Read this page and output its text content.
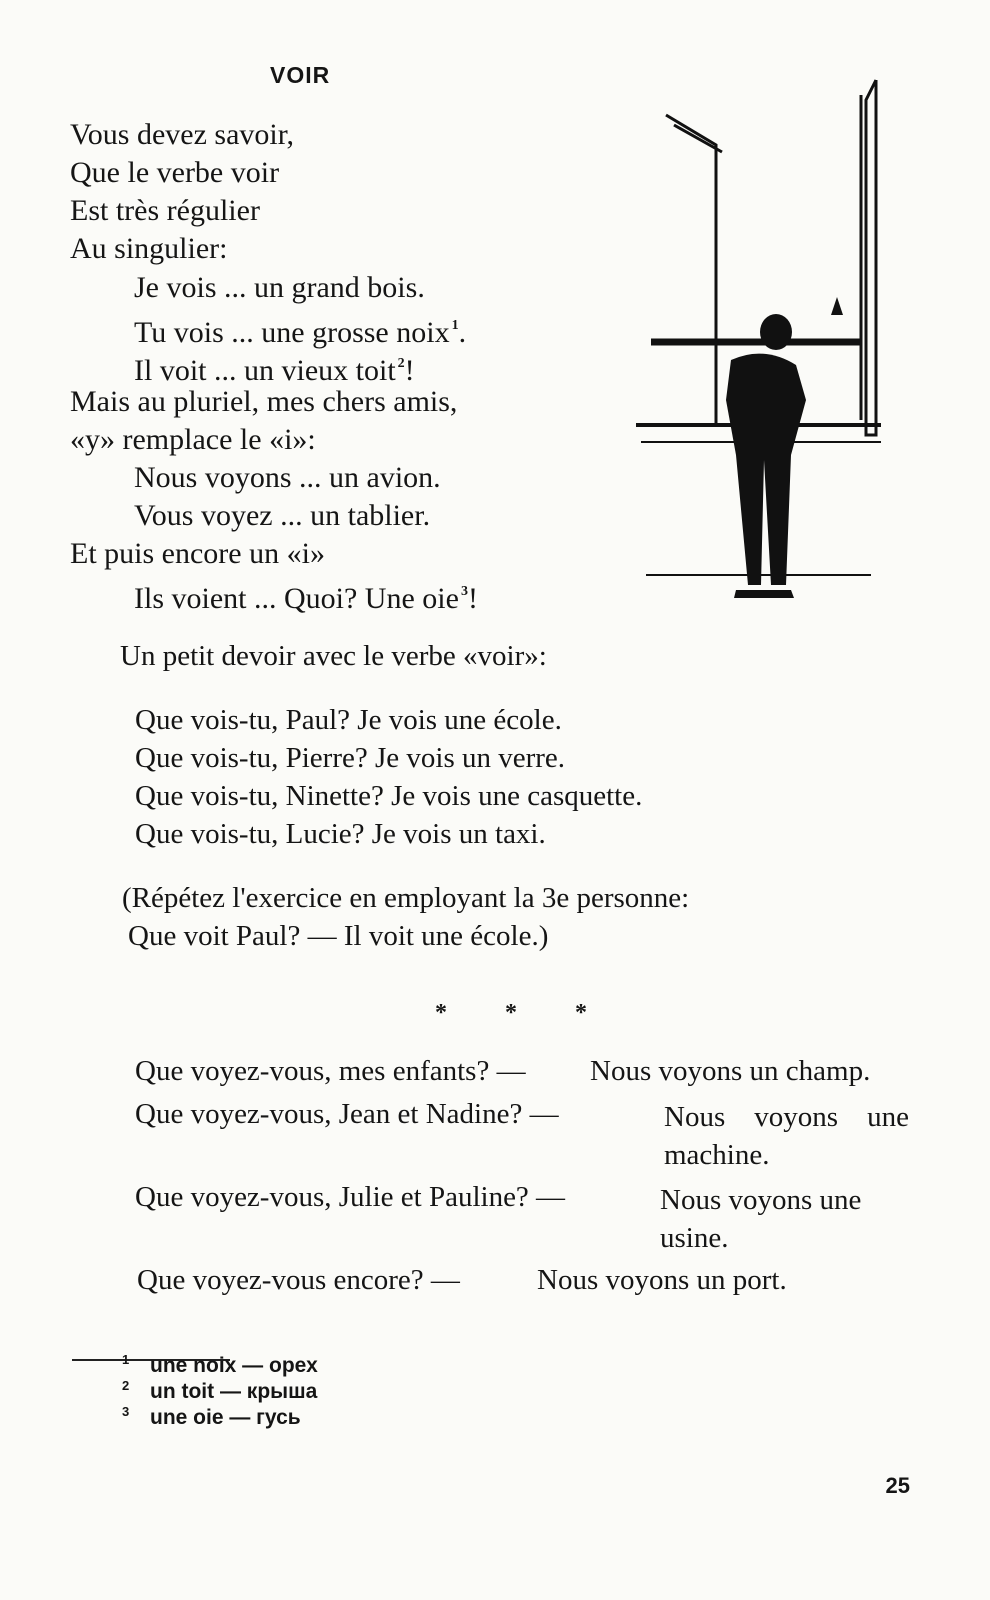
VOIR
Vous devez savoir,
Que le verbe voir
Est très régulier
Au singulier:
Je vois ... un grand bois.
Tu vois ... une grosse noix $^1$.
Il voit ... un vieux toit $^2$!
Mais au pluriel, mes chers amis,
«y» remplace le «i»:
Nous voyons ... un avion.
Vous voyez ... un tablier.
Et puis encore un «i»
Ils voient ... Quoi? Une oie $^3$!
Un petit devoir avec le verbe «voir»:
Que vois-tu, Paul? Je vois une école.
Que vois-tu, Pierre? Je vois un verre.
Que vois-tu, Ninette? Je vois une casquette.
Que vois-tu, Lucie? Je vois un taxi.
(Répétez l'exercice en employant la 3e personne:
Que voit Paul? — Il voit une école.)
* * *
Que voyez-vous, mes enfants? — Nous voyons un champ.
Que voyez-vous, Jean et Nadine? —	Nous voyons une machine.
Que voyez-vous, Julie et Pauline? —	Nous voyons une usine.
Que voyez-vous encore? —	Nous voyons un port.
1 une noix — орех
2 un toit — крыша
3 une oie — гусь
25
